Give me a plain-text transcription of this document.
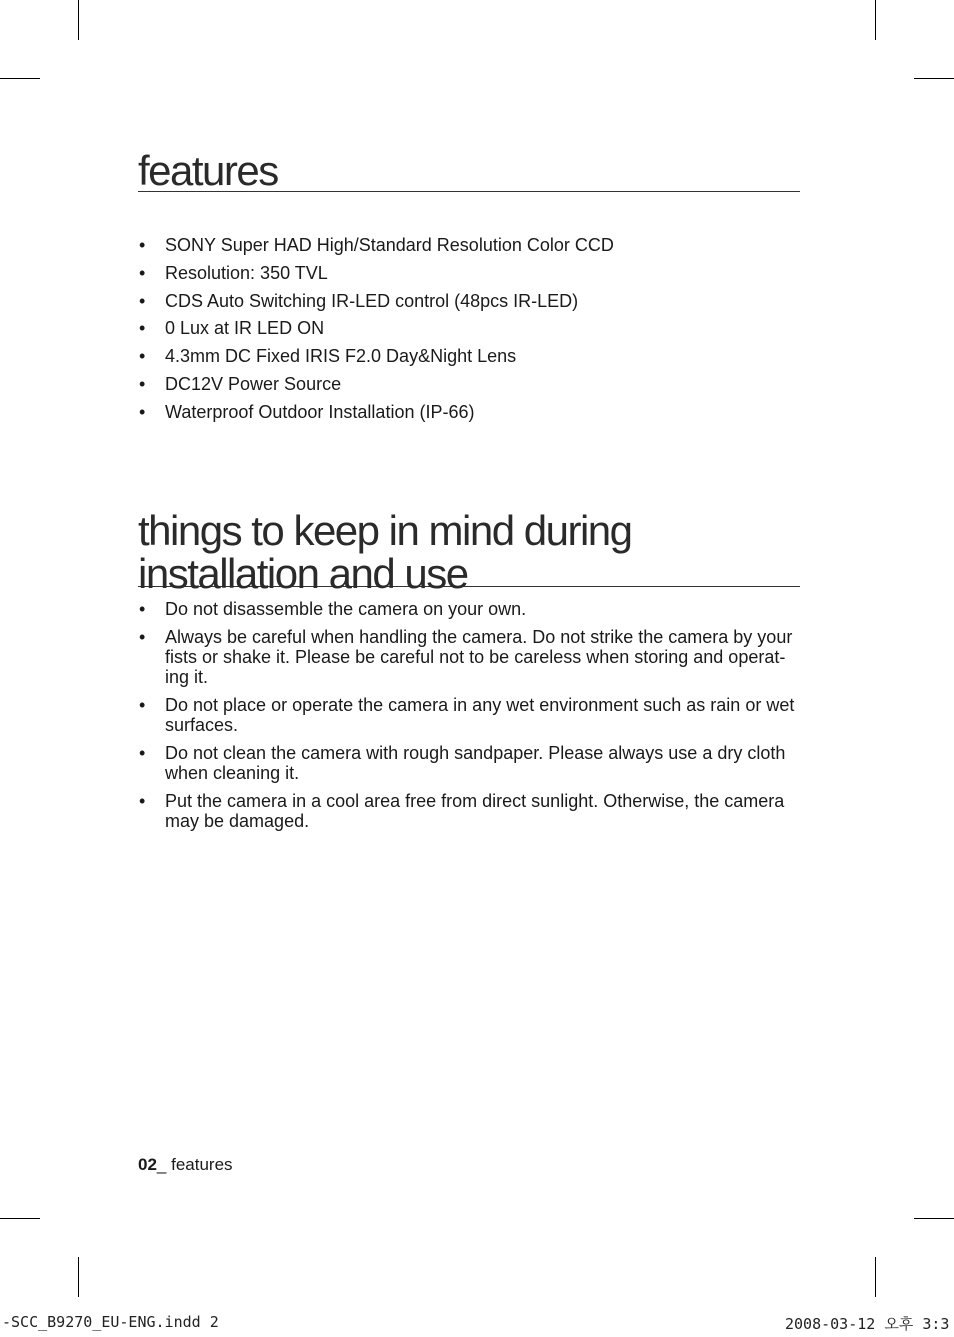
features
• SONY Super HAD High/Standard Resolution Color CCD
• Resolution: 350 TVL
• CDS Auto Switching IR-LED control (48pcs IR-LED)
• 0 Lux at IR LED ON
• 4.3mm DC Fixed IRIS F2.0 Day&Night Lens
• DC12V Power Source
• Waterproof Outdoor Installation (IP-66)
things to keep in mind during
installation and use
• Do not disassemble the camera on your own.
• Always be careful when handling the camera. Do not strike the camera by your fists or shake it. Please be careful not to be careless when storing and operat-ing it.
• Do not place or operate the camera in any wet environment such as rain or wet surfaces.
• Do not clean the camera with rough sandpaper. Please always use a dry cloth when cleaning it.
• Put the camera in a cool area free from direct sunlight. Otherwise, the camera may be damaged.
02_ features
-SCC_B9270_EU-ENG.indd 2	2008-03-12 오후 3:3
